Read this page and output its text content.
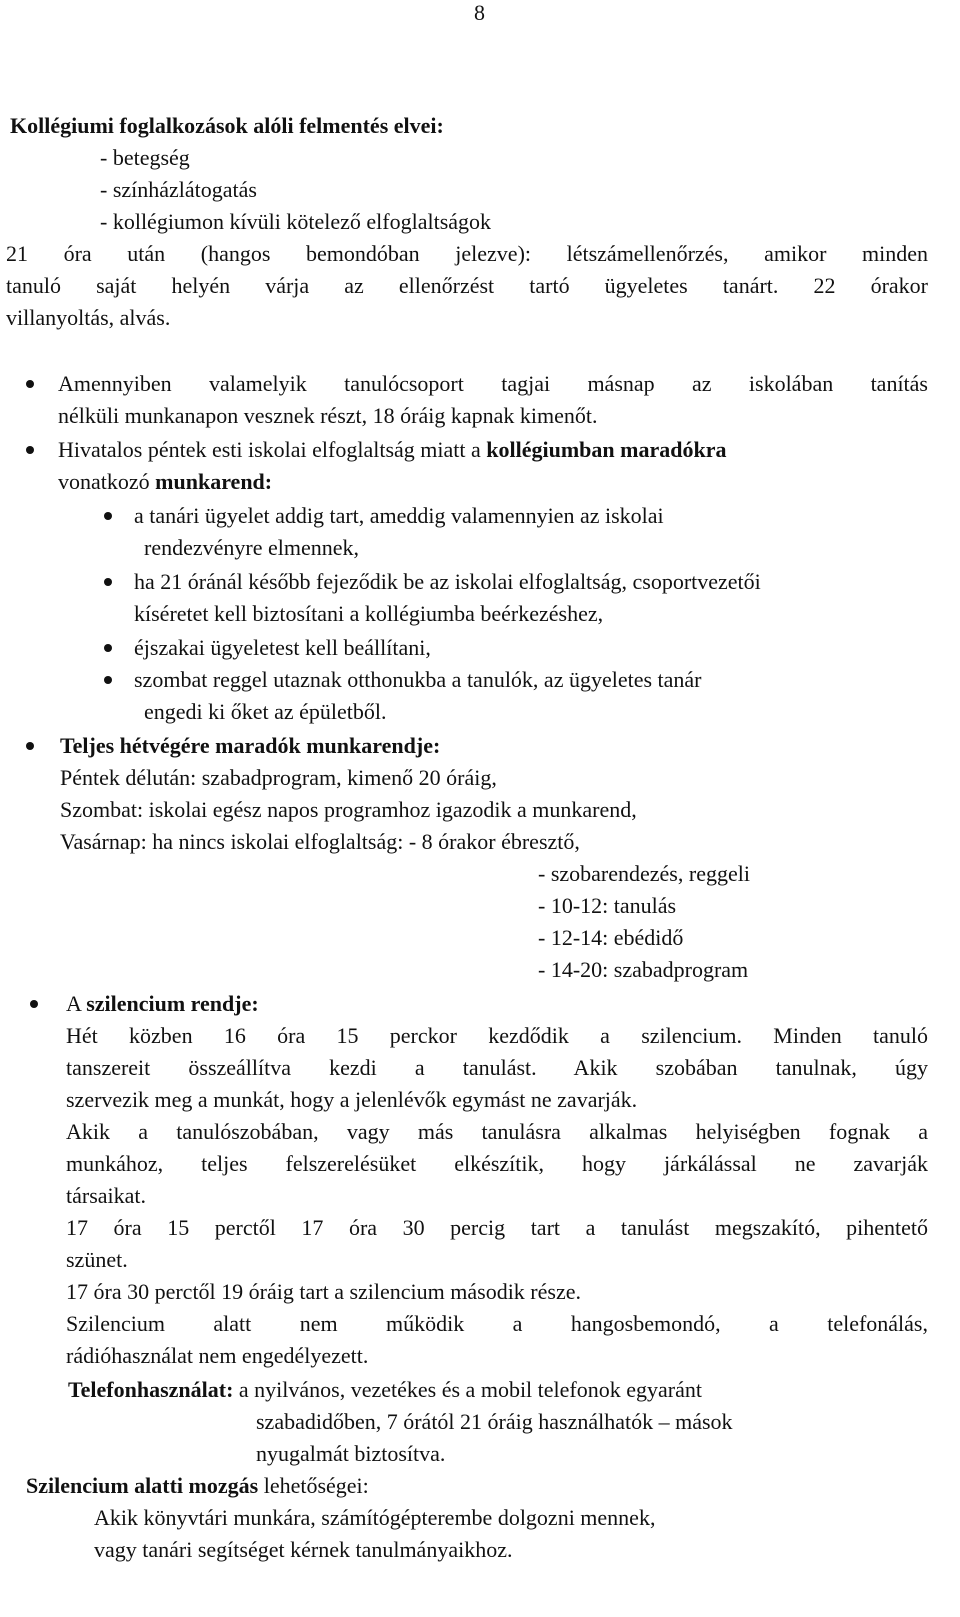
8
Kollégiumi foglalkozások alóli felmentés elvei:
- betegség
- színházlátogatás
- kollégiumon kívüli kötelező elfoglaltságok
21 óra után (hangos bemondóban jelezve): létszámellenőrzés, amikor minden
tanuló saját helyén várja az ellenőrzést tartó ügyeletes tanárt. 22 órakor
villanyoltás, alvás.
Amennyiben valamelyik tanulócsoport tagjai másnap az iskolában tanítás
nélküli munkanapon vesznek részt, 18 óráig kapnak kimenőt.
Hivatalos péntek esti iskolai elfoglaltság miatt a kollégiumban maradókra
vonatkozó munkarend:
a tanári ügyelet addig tart, ameddig valamennyien az iskolai
rendezvényre elmennek,
ha 21 óránál később fejeződik be az iskolai elfoglaltság, csoportvezetői
kíséretet kell biztosítani a kollégiumba beérkezéshez,
éjszakai ügyeletest kell beállítani,
szombat reggel utaznak otthonukba a tanulók, az ügyeletes tanár
engedi ki őket az épületből.
Teljes hétvégére maradók munkarendje:
Péntek délután: szabadprogram, kimenő 20 óráig,
Szombat: iskolai egész napos programhoz igazodik a munkarend,
Vasárnap: ha nincs iskolai elfoglaltság: - 8 órakor ébresztő,
- szobarendezés, reggeli
- 10-12: tanulás
- 12-14: ebédidő
- 14-20: szabadprogram
A szilencium rendje:
Hét közben 16 óra 15 perckor kezdődik a szilencium. Minden tanuló
tanszereit összeállítva kezdi a tanulást. Akik szobában tanulnak, úgy
szervezik meg a munkát, hogy a jelenlévők egymást ne zavarják.
Akik a tanulószobában, vagy más tanulásra alkalmas helyiségben fognak a
munkához, teljes felszerelésüket elkészítik, hogy járkálással ne zavarják
társaikat.
17 óra 15 perctől 17 óra 30 percig tart a tanulást megszakító, pihentető
szünet.
17 óra 30 perctől 19 óráig tart a szilencium második része.
Szilencium alatt nem működik a hangosbemondó, a telefonálás,
rádióhasználat nem engedélyezett.
Telefonhasználat: a nyilvános, vezetékes és a mobil telefonok egyaránt
szabadidőben, 7 órától 21 óráig használhatók – mások
nyugalmát biztosítva.
Szilencium alatti mozgás lehetőségei:
Akik könyvtári munkára, számítógépterembe dolgozni mennek,
vagy tanári segítséget kérnek tanulmányaikhoz.
